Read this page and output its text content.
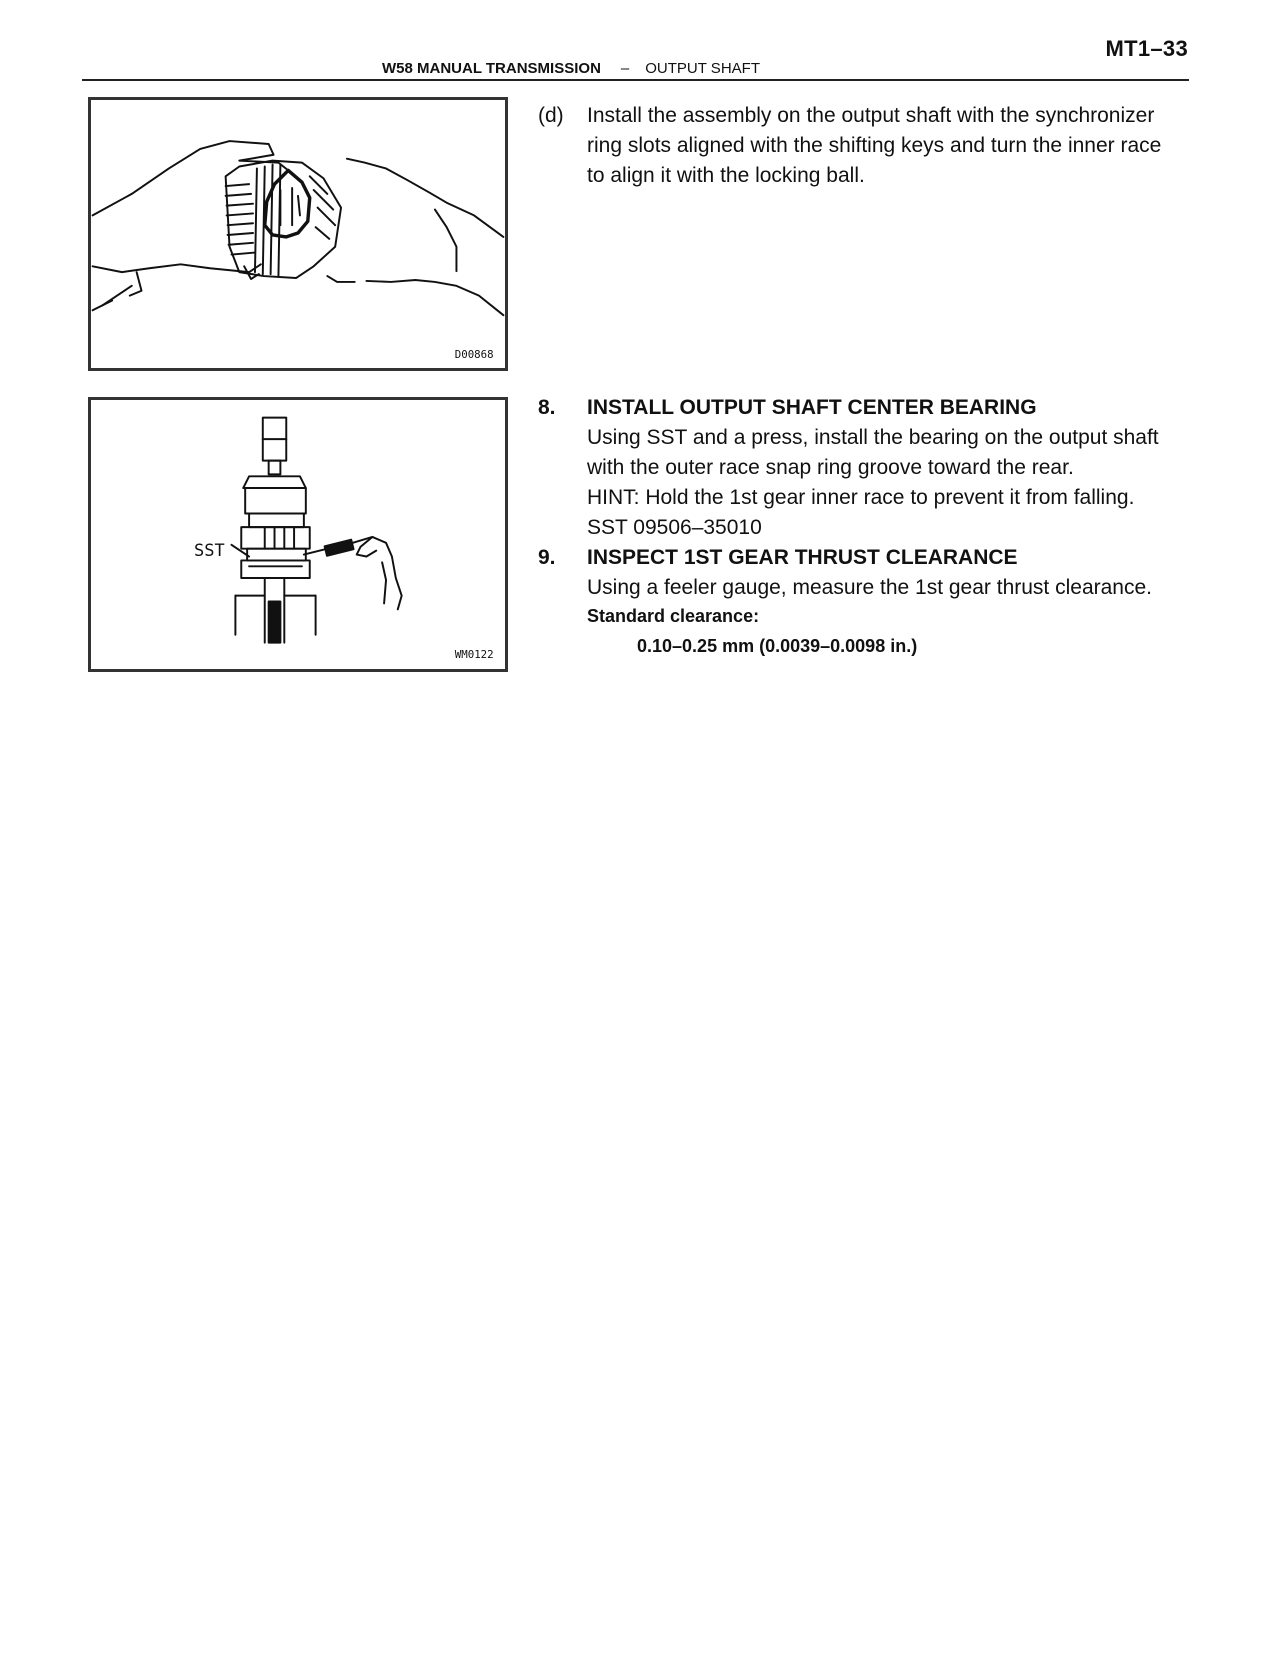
MT1–33
W58 MANUAL TRANSMISSION – OUTPUT SHAFT
D00868
WM0122
SST
(d) Install the assembly on the output shaft with the synchronizer
ring slots aligned with the shifting keys and turn the inner race
to align it with the locking ball.
8. INSTALL OUTPUT SHAFT CENTER BEARING
Using SST and a press, install the bearing on the output shaft
with the outer race snap ring groove toward the rear.
HINT: Hold the 1st gear inner race to prevent it from falling.
SST 09506–35010
9. INSPECT 1ST GEAR THRUST CLEARANCE
Using a feeler gauge, measure the 1st gear thrust clearance.
Standard clearance:
0.10–0.25 mm (0.0039–0.0098 in.)
